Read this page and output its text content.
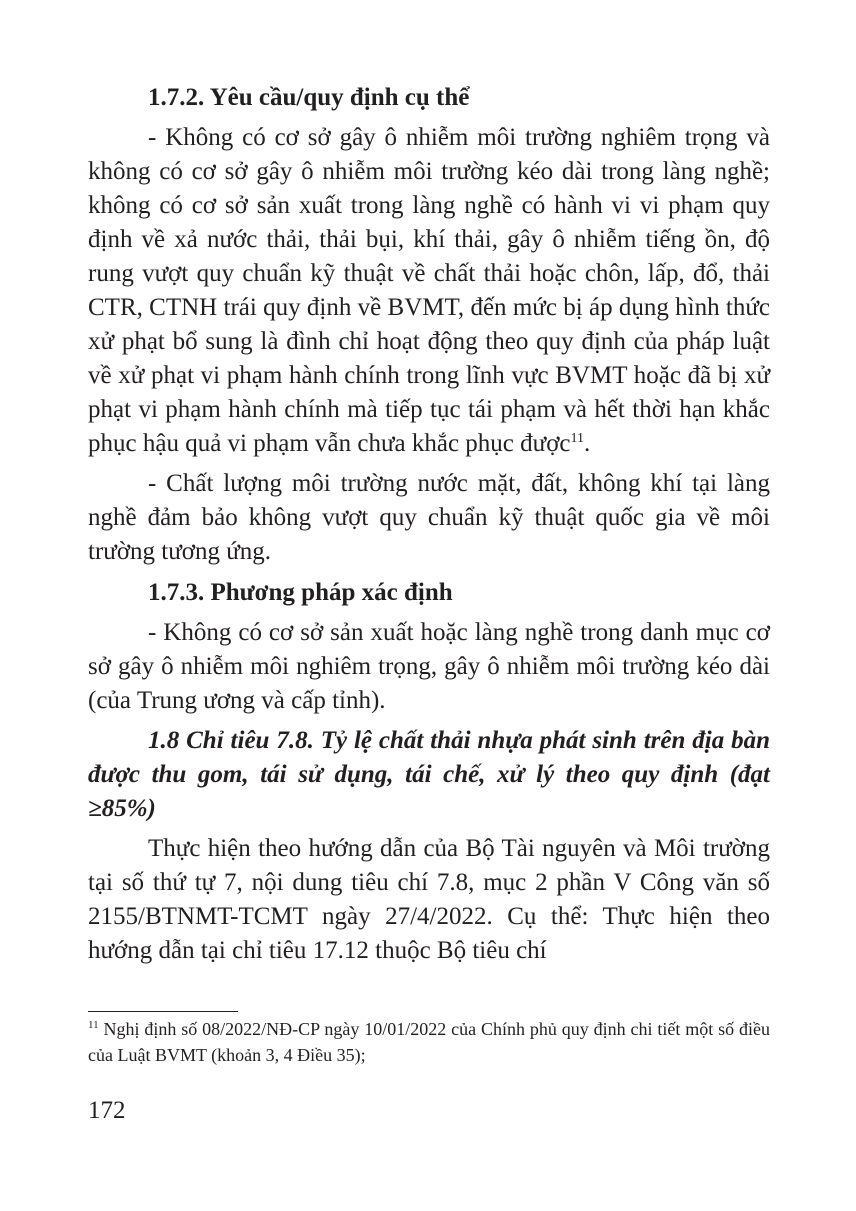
1.7.2. Yêu cầu/quy định cụ thể

- Không có cơ sở gây ô nhiễm môi trường nghiêm trọng và không có cơ sở gây ô nhiễm môi trường kéo dài trong làng nghề; không có cơ sở sản xuất trong làng nghề có hành vi vi phạm quy định về xả nước thải, thải bụi, khí thải, gây ô nhiễm tiếng ồn, độ rung vượt quy chuẩn kỹ thuật về chất thải hoặc chôn, lấp, đổ, thải CTR, CTNH trái quy định về BVMT, đến mức bị áp dụng hình thức xử phạt bổ sung là đình chỉ hoạt động theo quy định của pháp luật về xử phạt vi phạm hành chính trong lĩnh vực BVMT hoặc đã bị xử phạt vi phạm hành chính mà tiếp tục tái phạm và hết thời hạn khắc phục hậu quả vi phạm vẫn chưa khắc phục được$^{11}$.

- Chất lượng môi trường nước mặt, đất, không khí tại làng nghề đảm bảo không vượt quy chuẩn kỹ thuật quốc gia về môi trường tương ứng.

1.7.3. Phương pháp xác định

- Không có cơ sở sản xuất hoặc làng nghề trong danh mục cơ sở gây ô nhiễm môi nghiêm trọng, gây ô nhiễm môi trường kéo dài (của Trung ương và cấp tỉnh).

1.8 Chỉ tiêu 7.8. Tỷ lệ chất thải nhựa phát sinh trên địa bàn được thu gom, tái sử dụng, tái chế, xử lý theo quy định (đạt ≥85%)

Thực hiện theo hướng dẫn của Bộ Tài nguyên và Môi trường tại số thứ tự 7, nội dung tiêu chí 7.8, mục 2 phần V Công văn số 2155/BTNMT-TCMT ngày 27/4/2022. Cụ thể: Thực hiện theo hướng dẫn tại chỉ tiêu 17.12 thuộc Bộ tiêu chí

$^{11}$ Nghị định số 08/2022/NĐ-CP ngày 10/01/2022 của Chính phủ quy định chi tiết một số điều của Luật BVMT (khoản 3, 4 Điều 35);
172
